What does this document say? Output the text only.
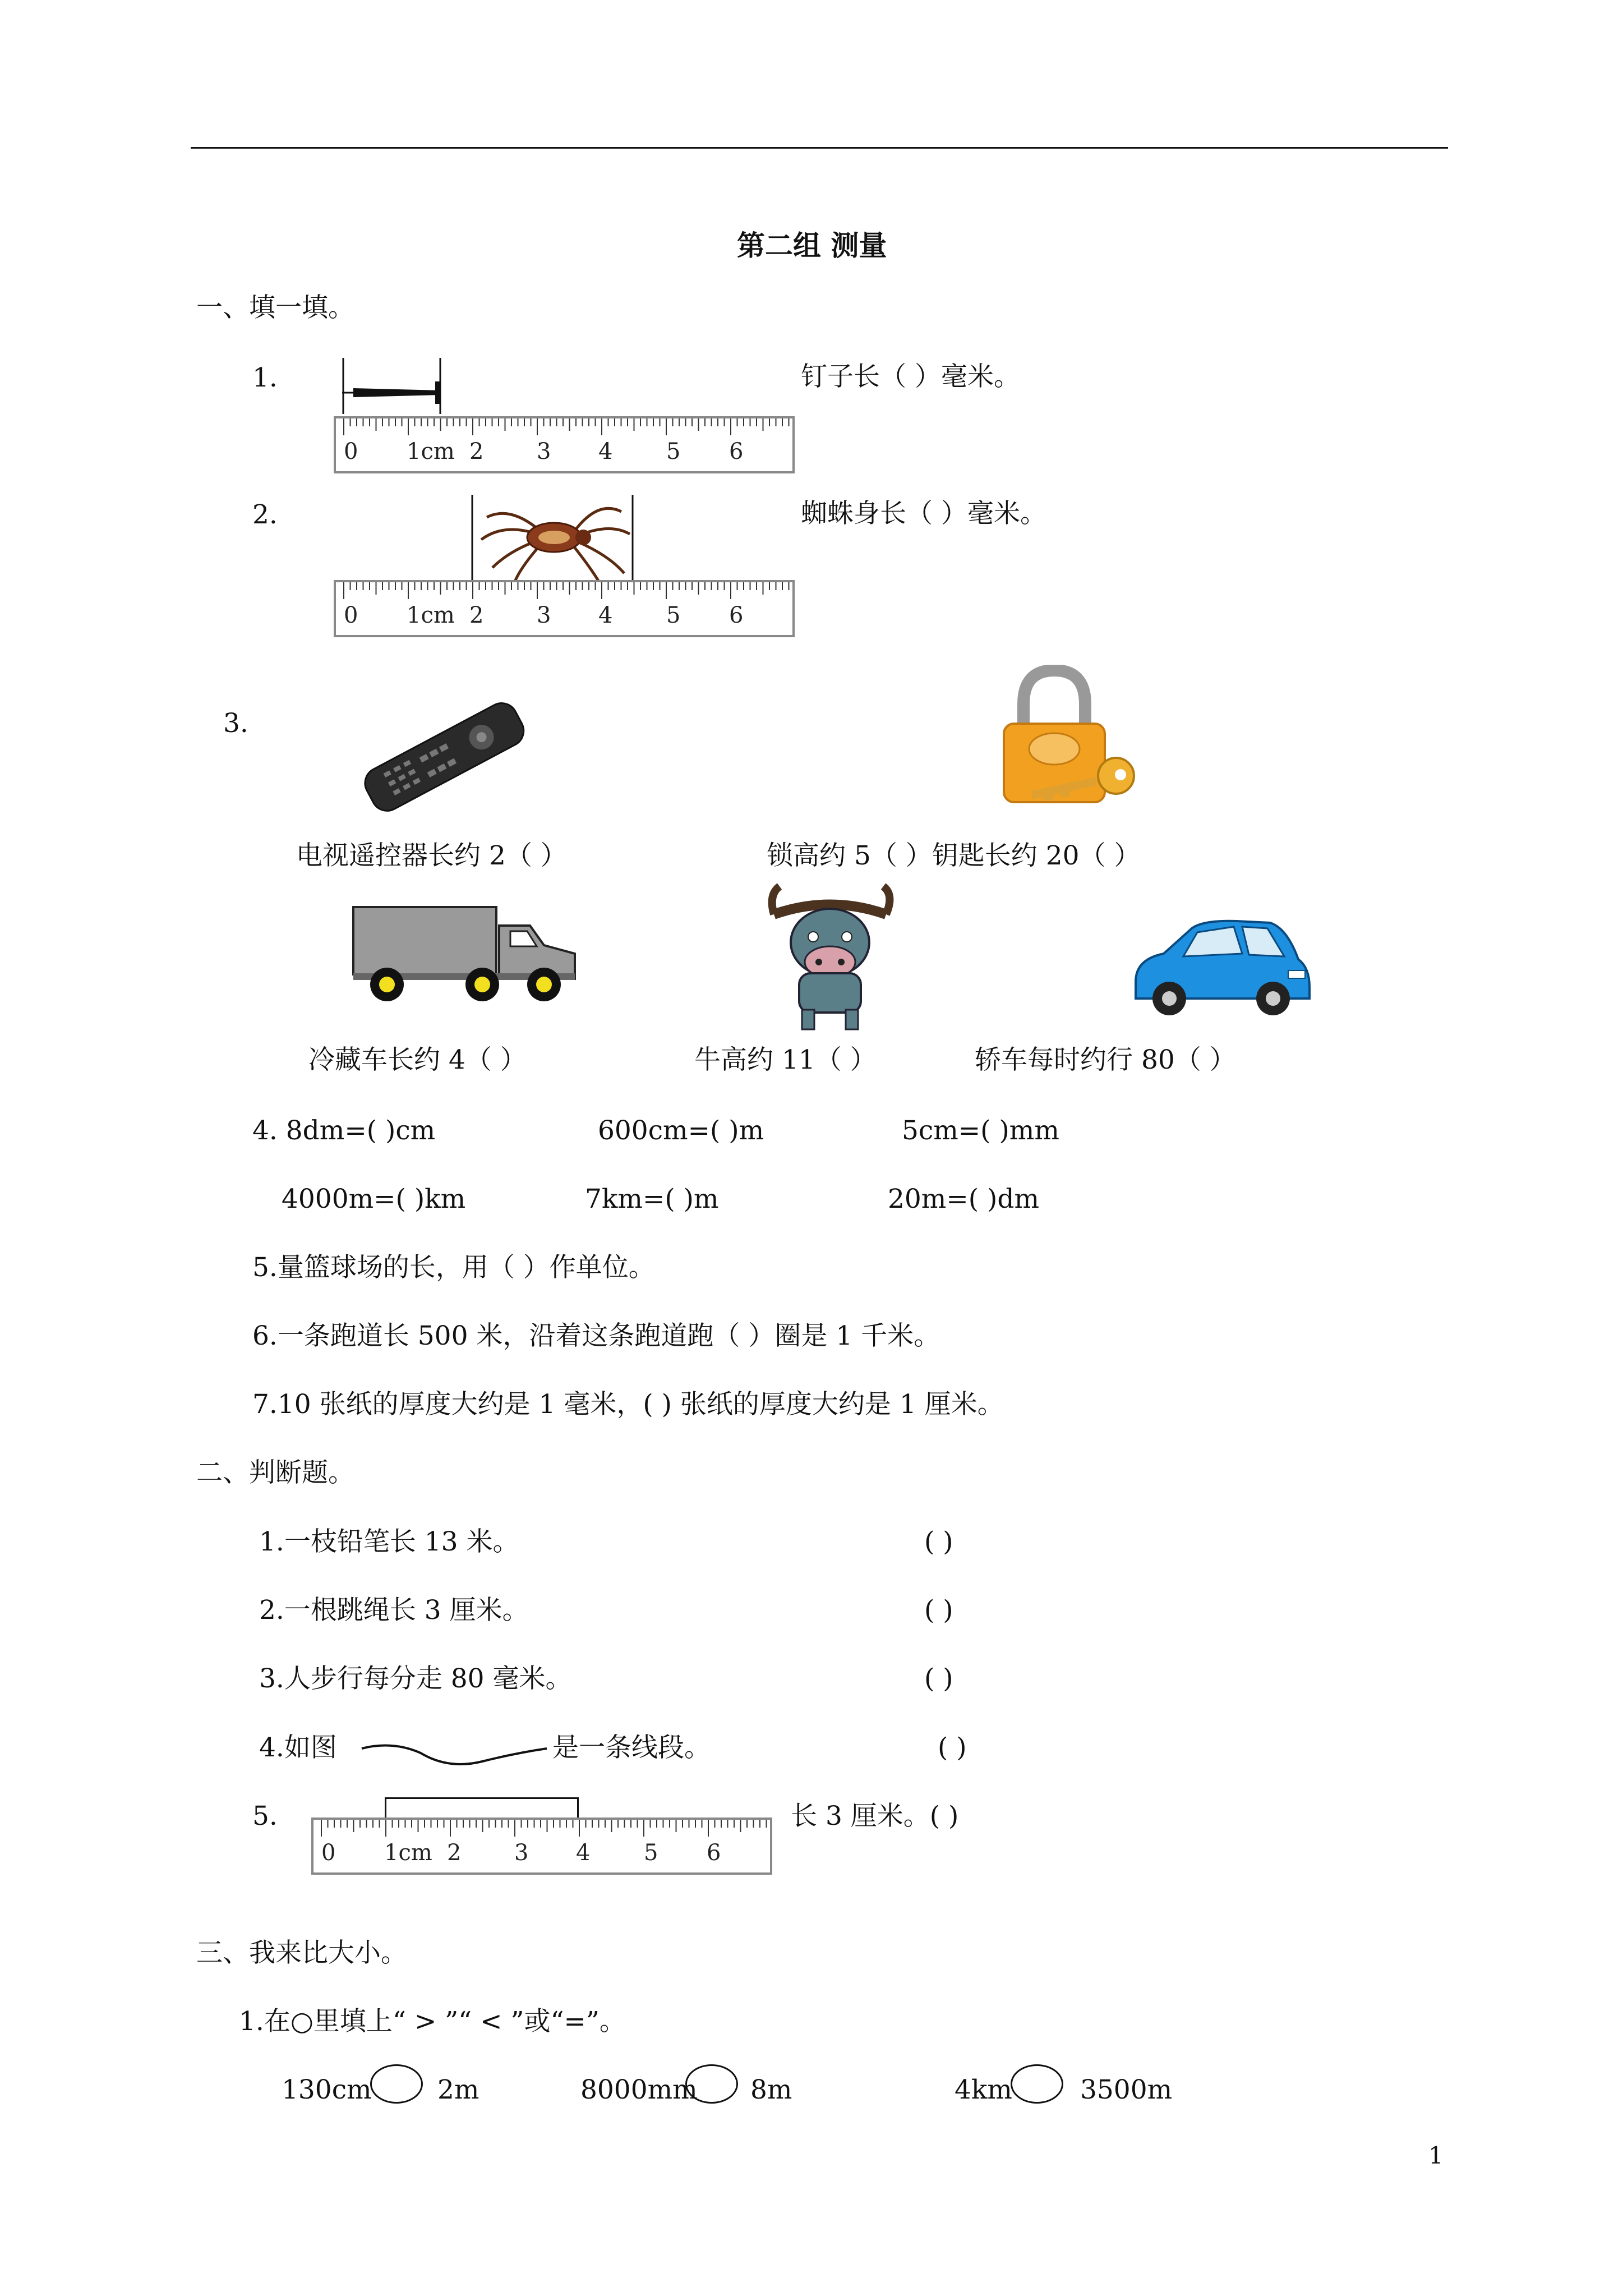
第二组 测量
一、填一填。
1.
0 1cm 2 3 4 5 6
钉子长（ ）毫米。
2.
0 1cm 2 3 4 5 6
蜘蛛身长（ ）毫米。
3.
电视遥控器长约 2（ ）	锁高约 5（ ）钥匙长约 20（ ）
冷藏车长约 4（ ）	牛高约 11（ ）	轿车每时约行 80（ ）
4. 8dm=( )cm	600cm=( )m	5cm=( )mm
4000m=( )km	7km=( )m	20m=( )dm
5.量篮球场的长，用（ ）作单位。
6.一条跑道长 500 米，沿着这条跑道跑（ ）圈是 1 千米。
7.10 张纸的厚度大约是 1 毫米，( ) 张纸的厚度大约是 1 厘米。
二、判断题。
1.一枝铅笔长 13 米。	( )
2.一根跳绳长 3 厘米。	( )
3.人步行每分走 80 毫米。	( )
4.如图	是一条线段。	( )
5.
0 1cm 2 3 4 5 6
长 3 厘米。( )
三、我来比大小。
1.在○里填上“ > ”“ < ”或“=”。
130cm 2m	8000mm 8m	4km	3500m
1
